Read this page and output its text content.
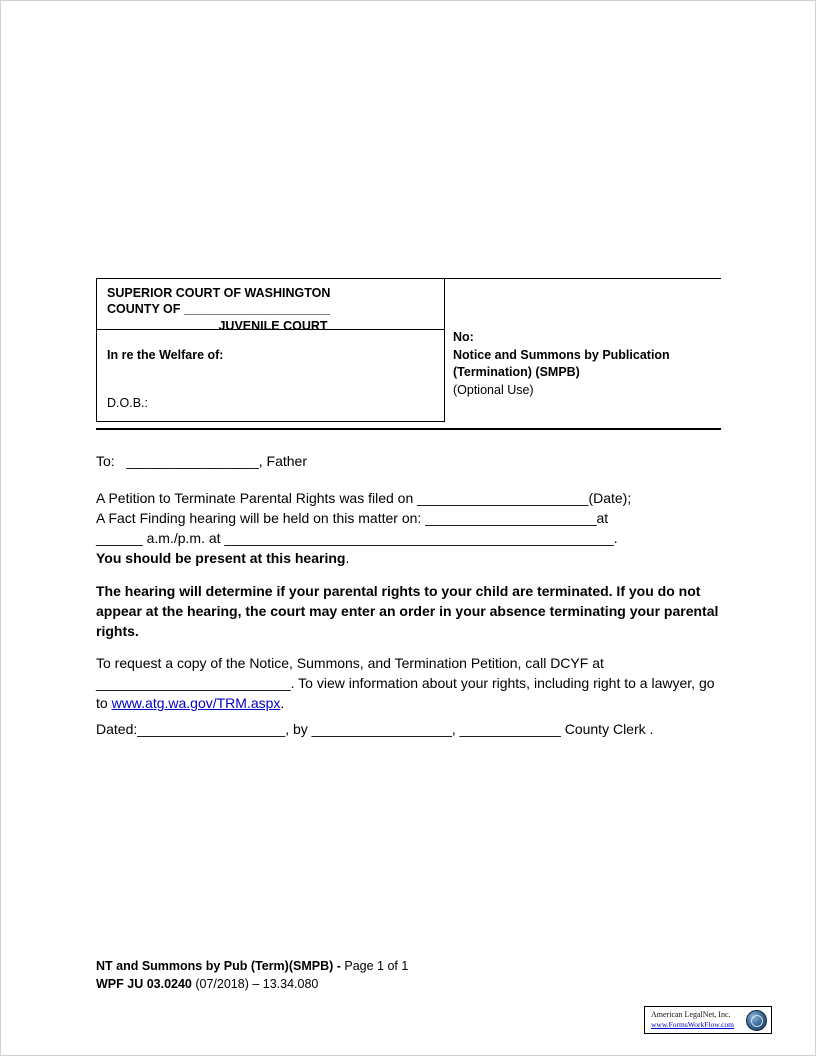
SUPERIOR COURT OF WASHINGTON
COUNTY OF _____________________
JUVENILE COURT
In re the Welfare of:
D.O.B.:
No:
Notice and Summons by Publication
(Termination) (SMPB)
(Optional Use)
To: _________________, Father
A Petition to Terminate Parental Rights was filed on ______________________(Date);
A Fact Finding hearing will be held on this matter on: ______________________at
______ a.m./p.m. at __________________________________________________.
You should be present at this hearing.
The hearing will determine if your parental rights to your child are terminated. If you do not appear at the hearing, the court may enter an order in your absence terminating your parental rights.
To request a copy of the Notice, Summons, and Termination Petition, call DCYF at _________________________. To view information about your rights, including right to a lawyer, go to www.atg.wa.gov/TRM.aspx.
Dated:___________________, by __________________, _____________ County Clerk .
NT and Summons by Pub (Term)(SMPB) - Page 1 of 1
WPF JU 03.0240 (07/2018) – 13.34.080
American LegalNet, Inc.
www.FormsWorkFlow.com
